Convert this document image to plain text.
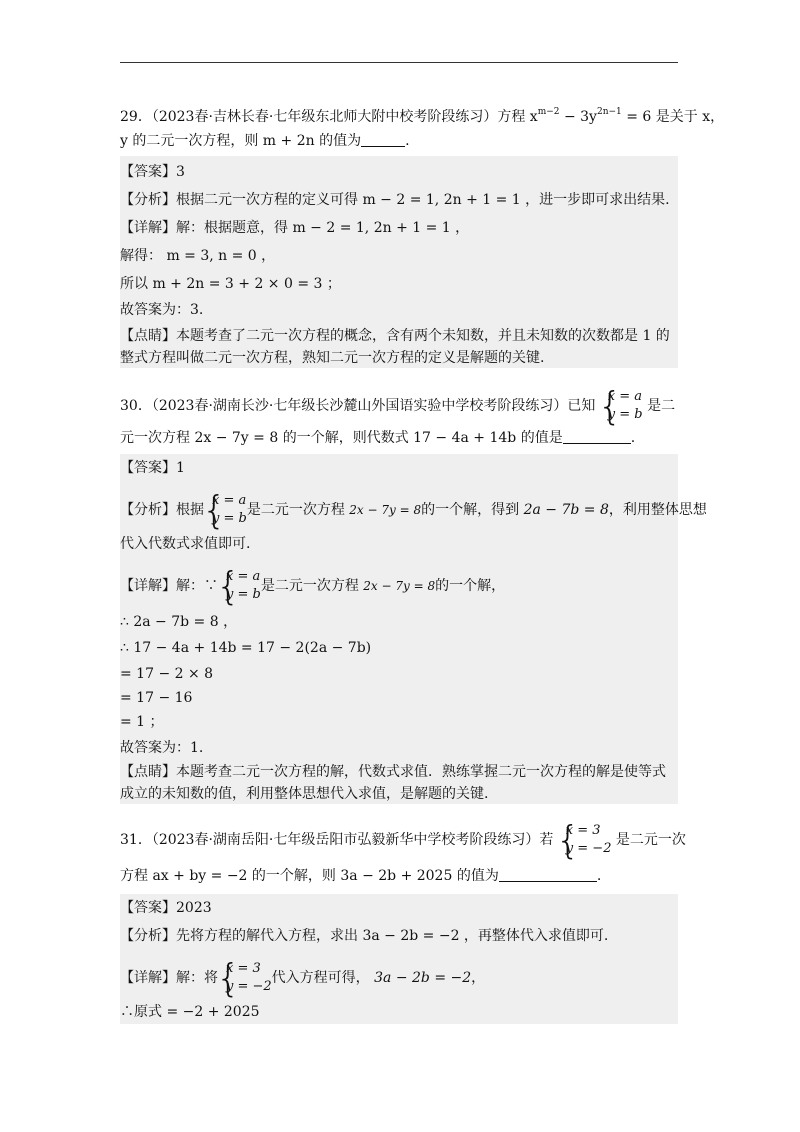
29．（2023春·吉林长春·七年级东北师大附中校考阶段练习）方程 $x^{m-2} - 3y^{2n-1} = 6$ 是关于 x，
y 的二元一次方程，则 m + 2n 的值为	.
【答案】3
【分析】根据二元一次方程的定义可得 m − 2 = 1, 2n + 1 = 1 ，进一步即可求出结果.
【详解】解：根据题意，得 m − 2 = 1, 2n + 1 = 1 ，
解得： m = 3, n = 0 ，
所以 m + 2n = 3 + 2 × 0 = 3 ；
故答案为：3.
【点睛】本题考查了二元一次方程的概念，含有两个未知数，并且未知数的次数都是 1 的
整式方程叫做二元一次方程，熟知二元一次方程的定义是解题的关键.
30．（2023春·湖南长沙·七年级长沙麓山外国语实验中学校考阶段练习）已知
{ x = a
y = b
是二
元一次方程 2x − 7y = 8 的一个解，则代数式 17 − 4a + 14b 的值是	.
【答案】1
【分析】根据
{ x = a
y = b
是二元一次方程 2x − 7y = 8的一个解，得到 2a − 7b = 8，利用整体思想
代入代数式求值即可.
【详解】解：∵
{ x = a
y = b
是二元一次方程 2x − 7y = 8的一个解，
∴ 2a − 7b = 8 ，
∴ 17 − 4a + 14b = 17 − 2(2a − 7b)
= 17 − 2 × 8
= 17 − 16
= 1 ；
故答案为：1.
【点睛】本题考查二元一次方程的解，代数式求值．熟练掌握二元一次方程的解是使等式
成立的未知数的值，利用整体思想代入求值，是解题的关键.
31．（2023春·湖南岳阳·七年级岳阳市弘毅新华中学校考阶段练习）若
{ x = 3
y = −2
是二元一次
方程 ax + by = −2 的一个解，则 3a − 2b + 2025 的值为	.
【答案】2023
【分析】先将方程的解代入方程，求出 3a − 2b = −2 ，再整体代入求值即可.
【详解】解：将
{ x = 3
y = −2
代入方程可得， 3a − 2b = −2，
∴原式 = −2 + 2025
